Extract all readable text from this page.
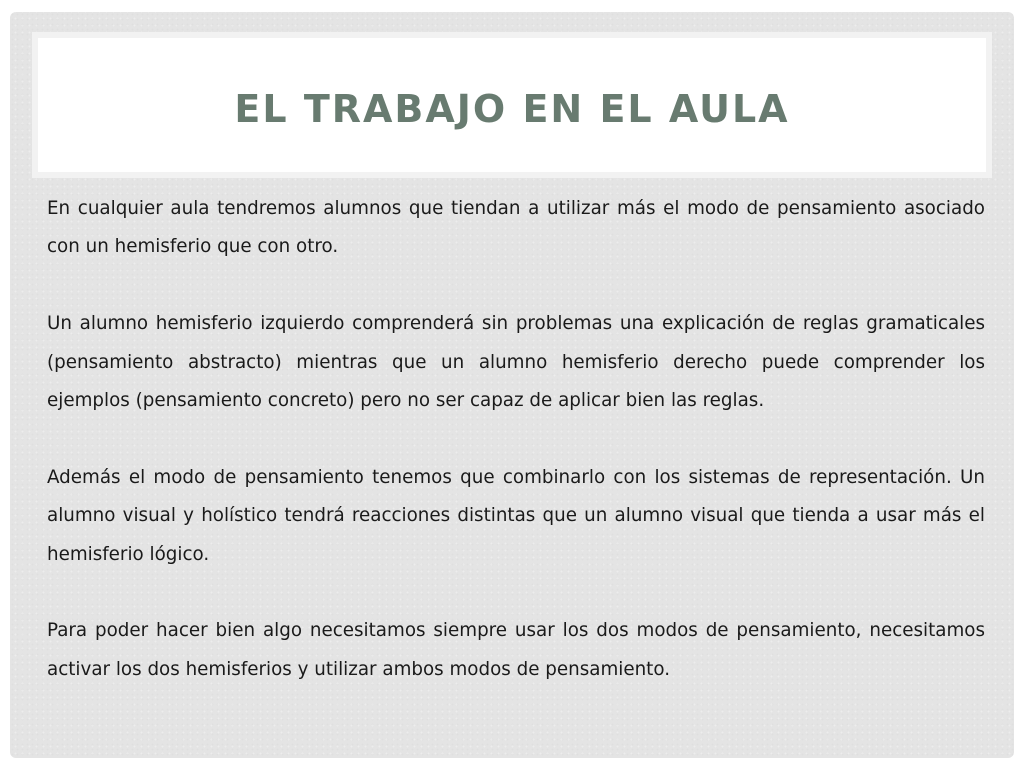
EL TRABAJO EN EL AULA

En cualquier aula tendremos alumnos que tiendan a utilizar más el modo de pensamiento asociado con un hemisferio que con otro.

Un alumno hemisferio izquierdo comprenderá sin problemas una explicación de reglas gramaticales (pensamiento abstracto) mientras que un alumno hemisferio derecho puede comprender los ejemplos (pensamiento concreto) pero no ser capaz de aplicar bien las reglas.

Además el modo de pensamiento tenemos que combinarlo con los sistemas de representación. Un alumno visual y holístico tendrá reacciones distintas que un alumno visual que tienda a usar más el hemisferio lógico.

Para poder hacer bien algo necesitamos siempre usar los dos modos de pensamiento, necesitamos activar los dos hemisferios y utilizar ambos modos de pensamiento.
